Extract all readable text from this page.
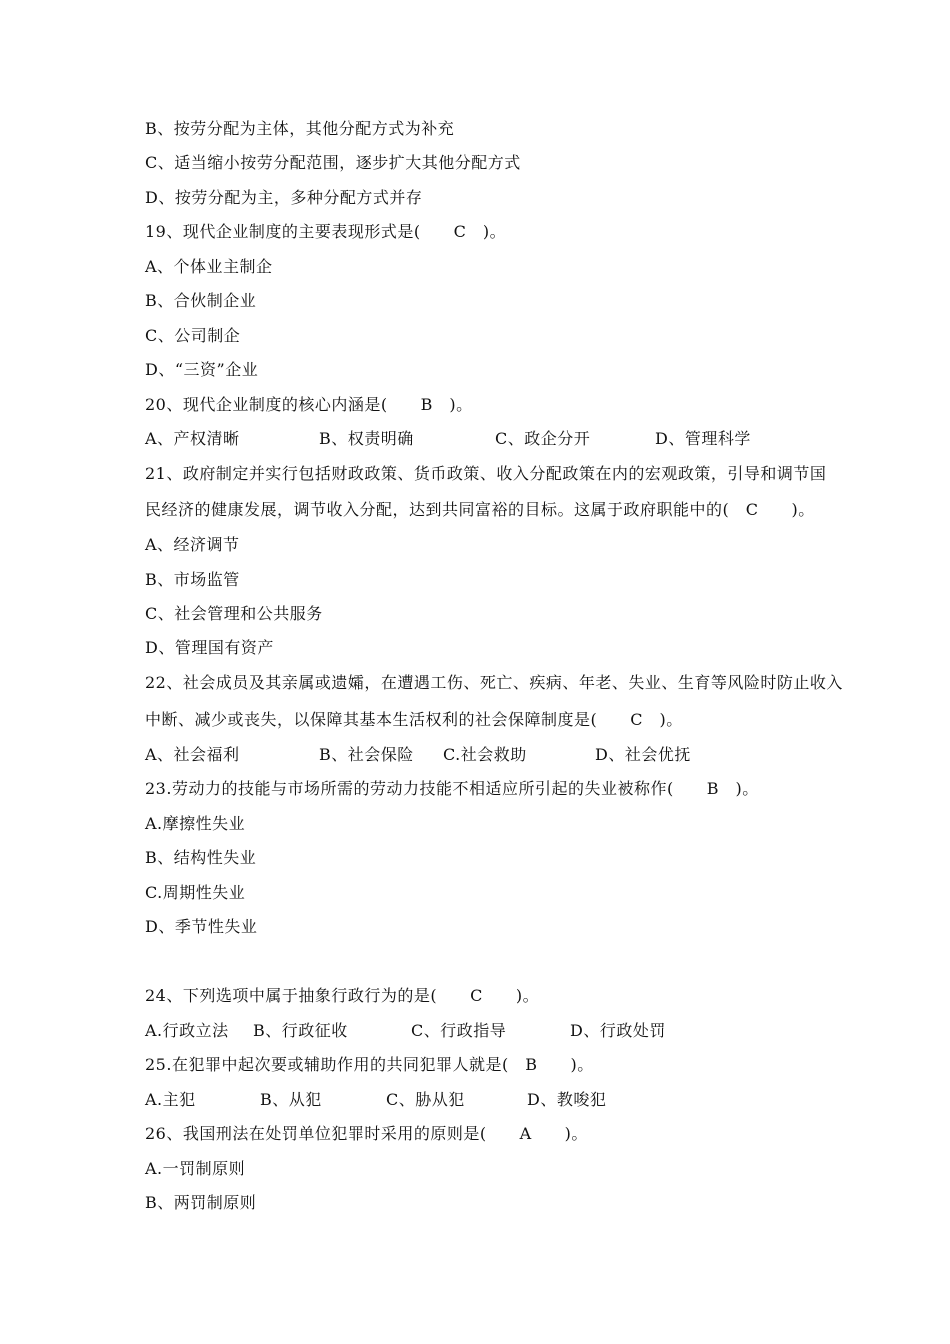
B、按劳分配为主体，其他分配方式为补充
C、适当缩小按劳分配范围，逐步扩大其他分配方式
D、按劳分配为主，多种分配方式并存
19、现代企业制度的主要表现形式是(　　C　)。
A、个体业主制企
B、合伙制企业
C、公司制企
D、“三资”企业
20、现代企业制度的核心内涵是(　　B　)。

A、产权清晰

	B、权责明确

	C、政企分开

	D、管理科学

21、政府制定并实行包括财政政策、货币政策、收入分配政策在内的宏观政策，引导和调节国
民经济的健康发展，调节收入分配，达到共同富裕的目标。这属于政府职能中的(　C　　)。
A、经济调节
B、市场监管
C、社会管理和公共服务
D、管理国有资产
22、社会成员及其亲属或遗孀，在遭遇工伤、死亡、疾病、年老、失业、生育等风险时防止收入
中断、减少或丧失，以保障其基本生活权利的社会保障制度是(　　C　)。

A、社会福利

	B、社会保险

C.社会救助

	D、社会优抚

23.劳动力的技能与市场所需的劳动力技能不相适应所引起的失业被称作(　　B　)。
A.摩擦性失业
B、结构性失业
C.周期性失业
D、季节性失业
24、下列选项中属于抽象行政行为的是(　　C　　)。

A.行政立法

B、行政征收

	C、行政指导

	D、行政处罚

25.在犯罪中起次要或辅助作用的共同犯罪人就是(　B　　)。

A.主犯

	B、从犯

	C、胁从犯

	D、教唆犯

26、我国刑法在处罚单位犯罪时采用的原则是(　　A　　)。
A.一罚制原则
B、两罚制原则
